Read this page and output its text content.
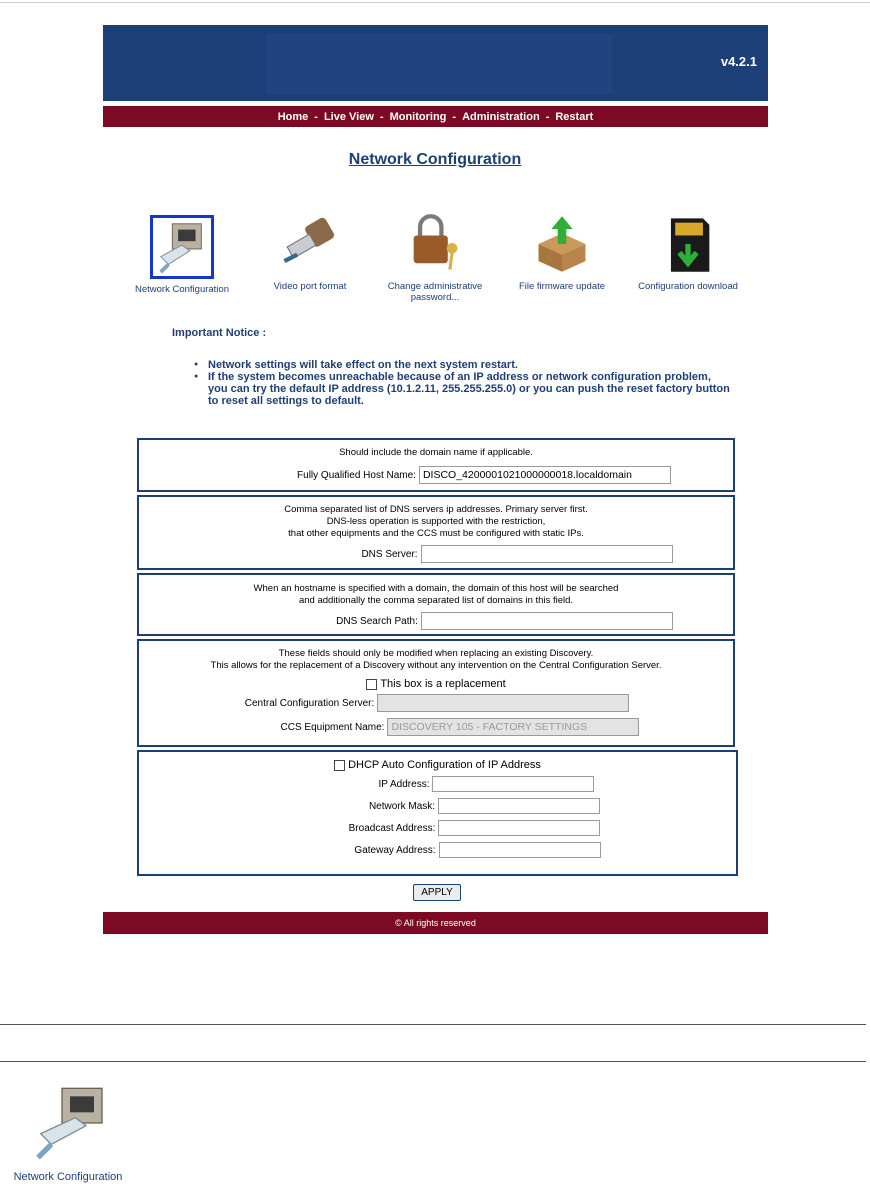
v4.2.1
Home - Live View - Monitoring - Administration - Restart
Network Configuration
Network Configuration	Video port format	Change administrative password...
File firmware update	Configuration download
Important Notice :
● Network settings will take effect on the next system restart.
● If the system becomes unreachable because of an IP address or network configuration problem, you can try the default IP address (10.1.2.11, 255.255.255.0) or you can push the reset factory button to reset all settings to default.
Should include the domain name if applicable.
Fully Qualified Host Name:
DISCO_4200001021000000018.localdomain
Comma separated list of DNS servers ip addresses. Primary server first.
DNS-less operation is supported with the restriction,
that other equipments and the CCS must be configured with static IPs.
DNS Server:
When an hostname is specified with a domain, the domain of this host will be searched
and additionally the comma separated list of domains in this field.
DNS Search Path:
These fields should only be modified when replacing an existing Discovery.
This allows for the replacement of a Discovery without any intervention on the Central Configuration Server.
This box is a replacement
Central Configuration Server:
CCS Equipment Name:
DISCOVERY 105 - FACTORY SETTINGS
DHCP Auto Configuration of IP Address
IP Address:
Network Mask:
Broadcast Address:
Gateway Address:
APPLY
© All rights reserved
Network Configuration
